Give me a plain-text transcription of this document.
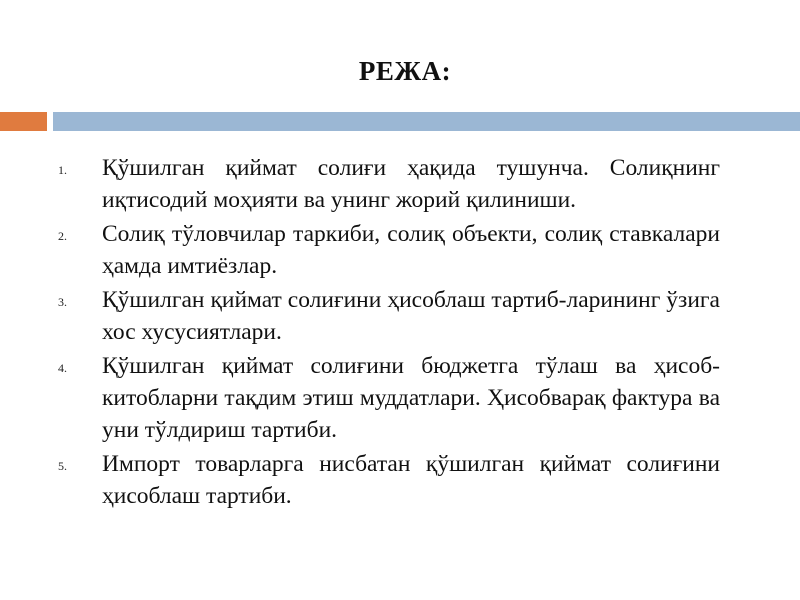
РЕЖА:
1.	Қўшилган қиймат солиғи ҳақида тушунча. Солиқнинг иқтисодий моҳияти ва унинг жорий қилиниши.
2.	Солиқ тўловчилар таркиби, солиқ объекти, солиқ ставкалари ҳамда имтиёзлар.
3.	Қўшилган қиймат солиғини ҳисоблаш тартиб-ларининг ўзига хос хусусиятлари.
4.	Қўшилган қиймат солиғини бюджетга тўлаш ва ҳисоб-китобларни тақдим этиш муддатлари. Ҳисобварақ фактура ва уни тўлдириш тартиби.
5.	Импорт товарларга нисбатан қўшилган қиймат солиғини ҳисоблаш тартиби.
